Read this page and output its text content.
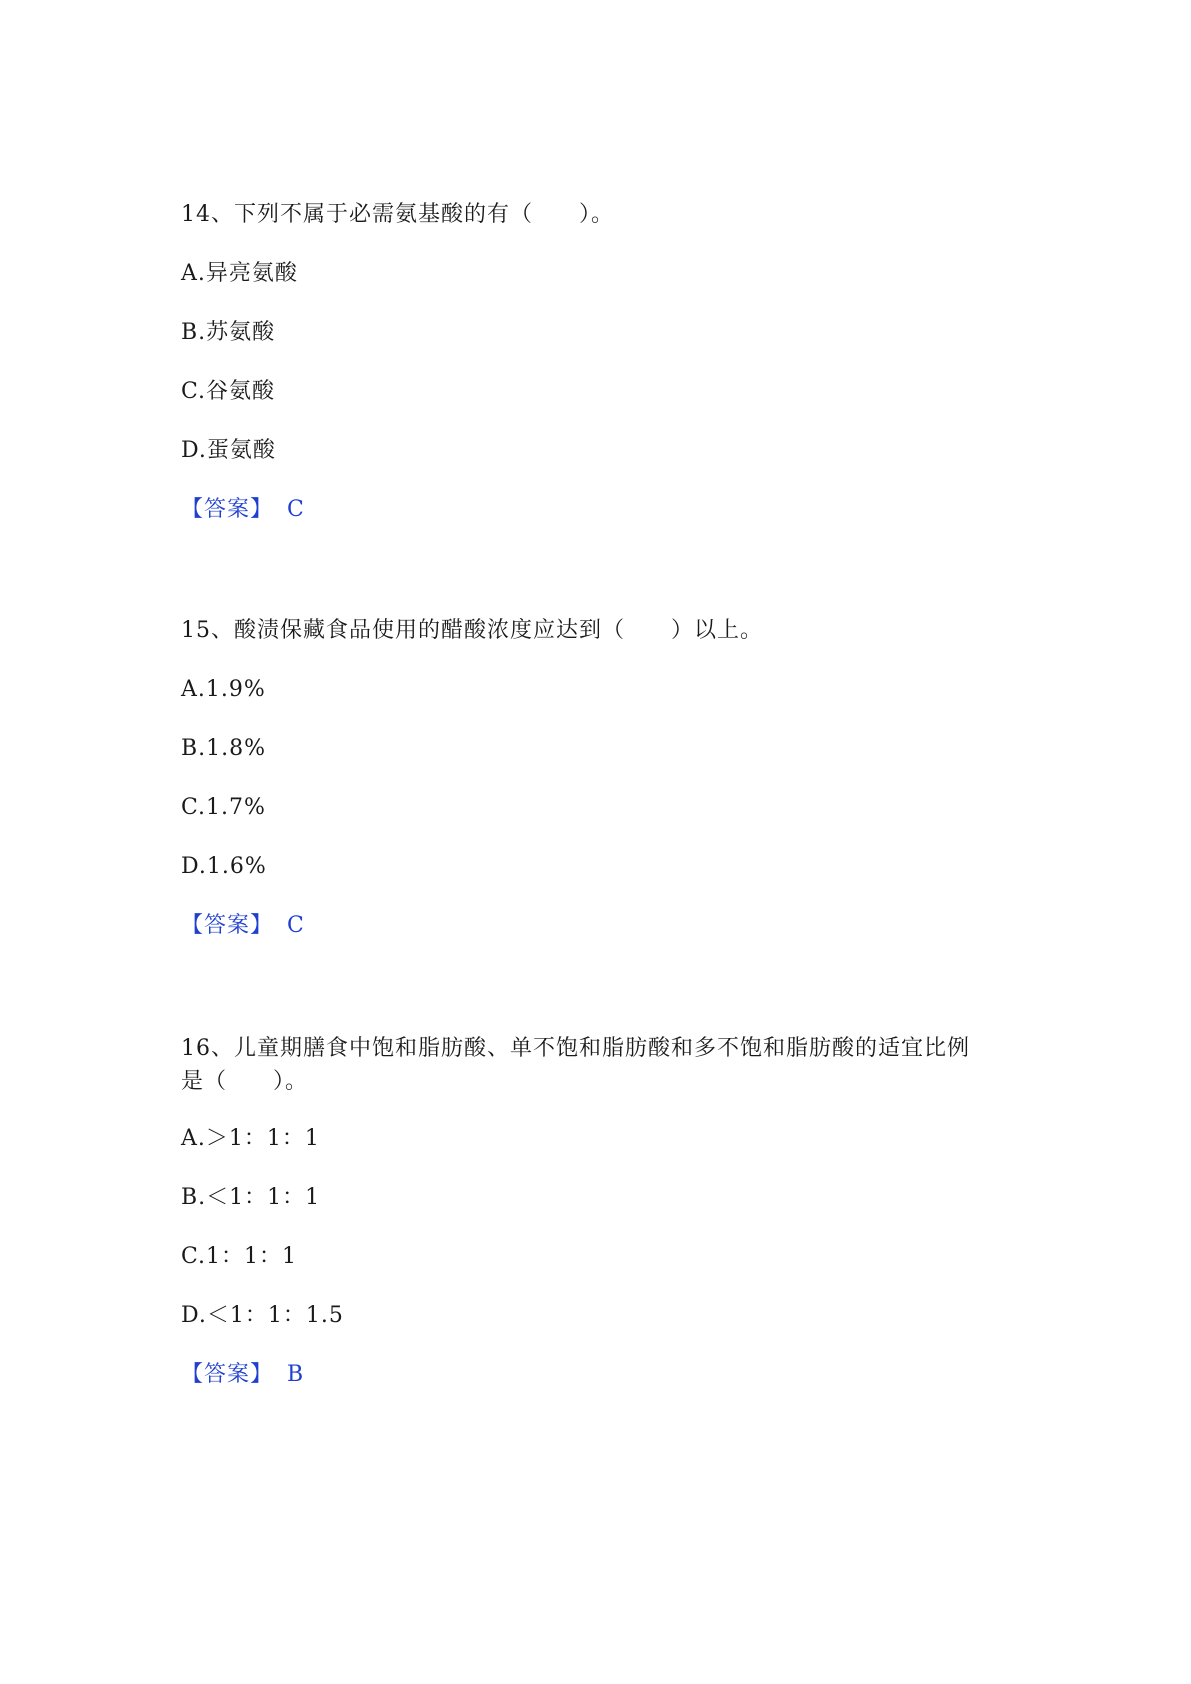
14、下列不属于必需氨基酸的有（　　）。
A.异亮氨酸
B.苏氨酸
C.谷氨酸
D.蛋氨酸
【答案】 C
15、酸渍保藏食品使用的醋酸浓度应达到（　　）以上。
A.1.9%
B.1.8%
C.1.7%
D.1.6%
【答案】 C
16、儿童期膳食中饱和脂肪酸、单不饱和脂肪酸和多不饱和脂肪酸的适宜比例
是（　　）。
A.＞1：1：1
B.＜1：1：1
C.1：1：1
D.＜1：1：1.5
【答案】 B
